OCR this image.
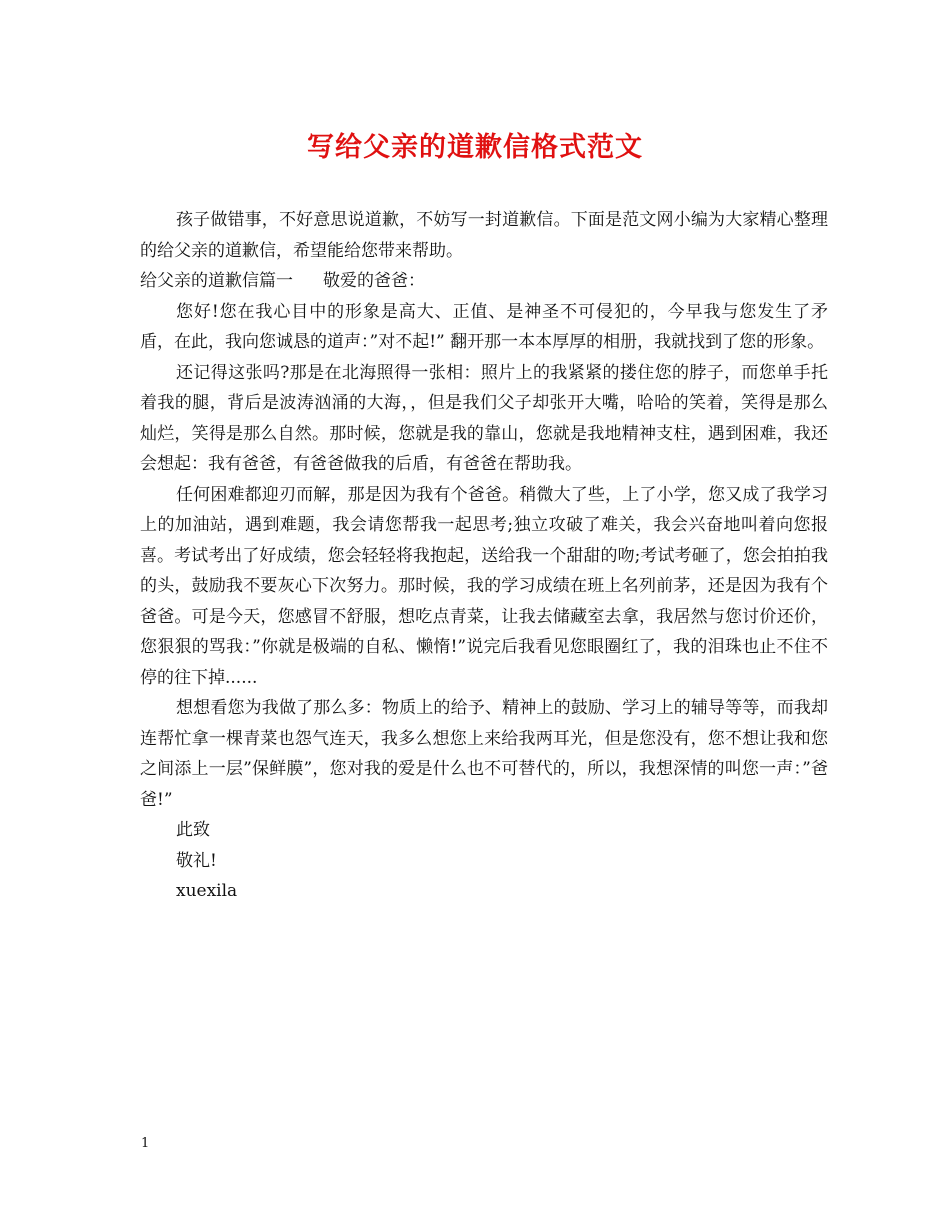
写给父亲的道歉信格式范文

孩子做错事，不好意思说道歉，不妨写一封道歉信。下面是范文网小编为大家精心整理的给父亲的道歉信，希望能给您带来帮助。

给父亲的道歉信篇一 敬爱的爸爸：

您好!您在我心目中的形象是高大、正值、是神圣不可侵犯的，今早我与您发生了矛盾，在此，我向您诚恳的道声：”对不起!” 翻开那一本本厚厚的相册，我就找到了您的形象。

还记得这张吗?那是在北海照得一张相：照片上的我紧紧的搂住您的脖子，而您单手托着我的腿，背后是波涛汹涌的大海，，但是我们父子却张开大嘴，哈哈的笑着，笑得是那么灿烂，笑得是那么自然。那时候，您就是我的靠山，您就是我地精神支柱，遇到困难，我还会想起：我有爸爸，有爸爸做我的后盾，有爸爸在帮助我。

任何困难都迎刃而解，那是因为我有个爸爸。稍微大了些，上了小学，您又成了我学习上的加油站，遇到难题，我会请您帮我一起思考;独立攻破了难关，我会兴奋地叫着向您报喜。考试考出了好成绩，您会轻轻将我抱起，送给我一个甜甜的吻;考试考砸了，您会拍拍我的头，鼓励我不要灰心下次努力。那时候，我的学习成绩在班上名列前茅，还是因为我有个爸爸。可是今天，您感冒不舒服，想吃点青菜，让我去储藏室去拿，我居然与您讨价还价，您狠狠的骂我：”你就是极端的自私、懒惰!”说完后我看见您眼圈红了，我的泪珠也止不住不停的往下掉......

想想看您为我做了那么多：物质上的给予、精神上的鼓励、学习上的辅导等等，而我却连帮忙拿一棵青菜也怨气连天，我多么想您上来给我两耳光，但是您没有，您不想让我和您之间添上一层”保鲜膜”，您对我的爱是什么也不可替代的，所以，我想深情的叫您一声：”爸爸!”

此致

敬礼!

xuexila

1
